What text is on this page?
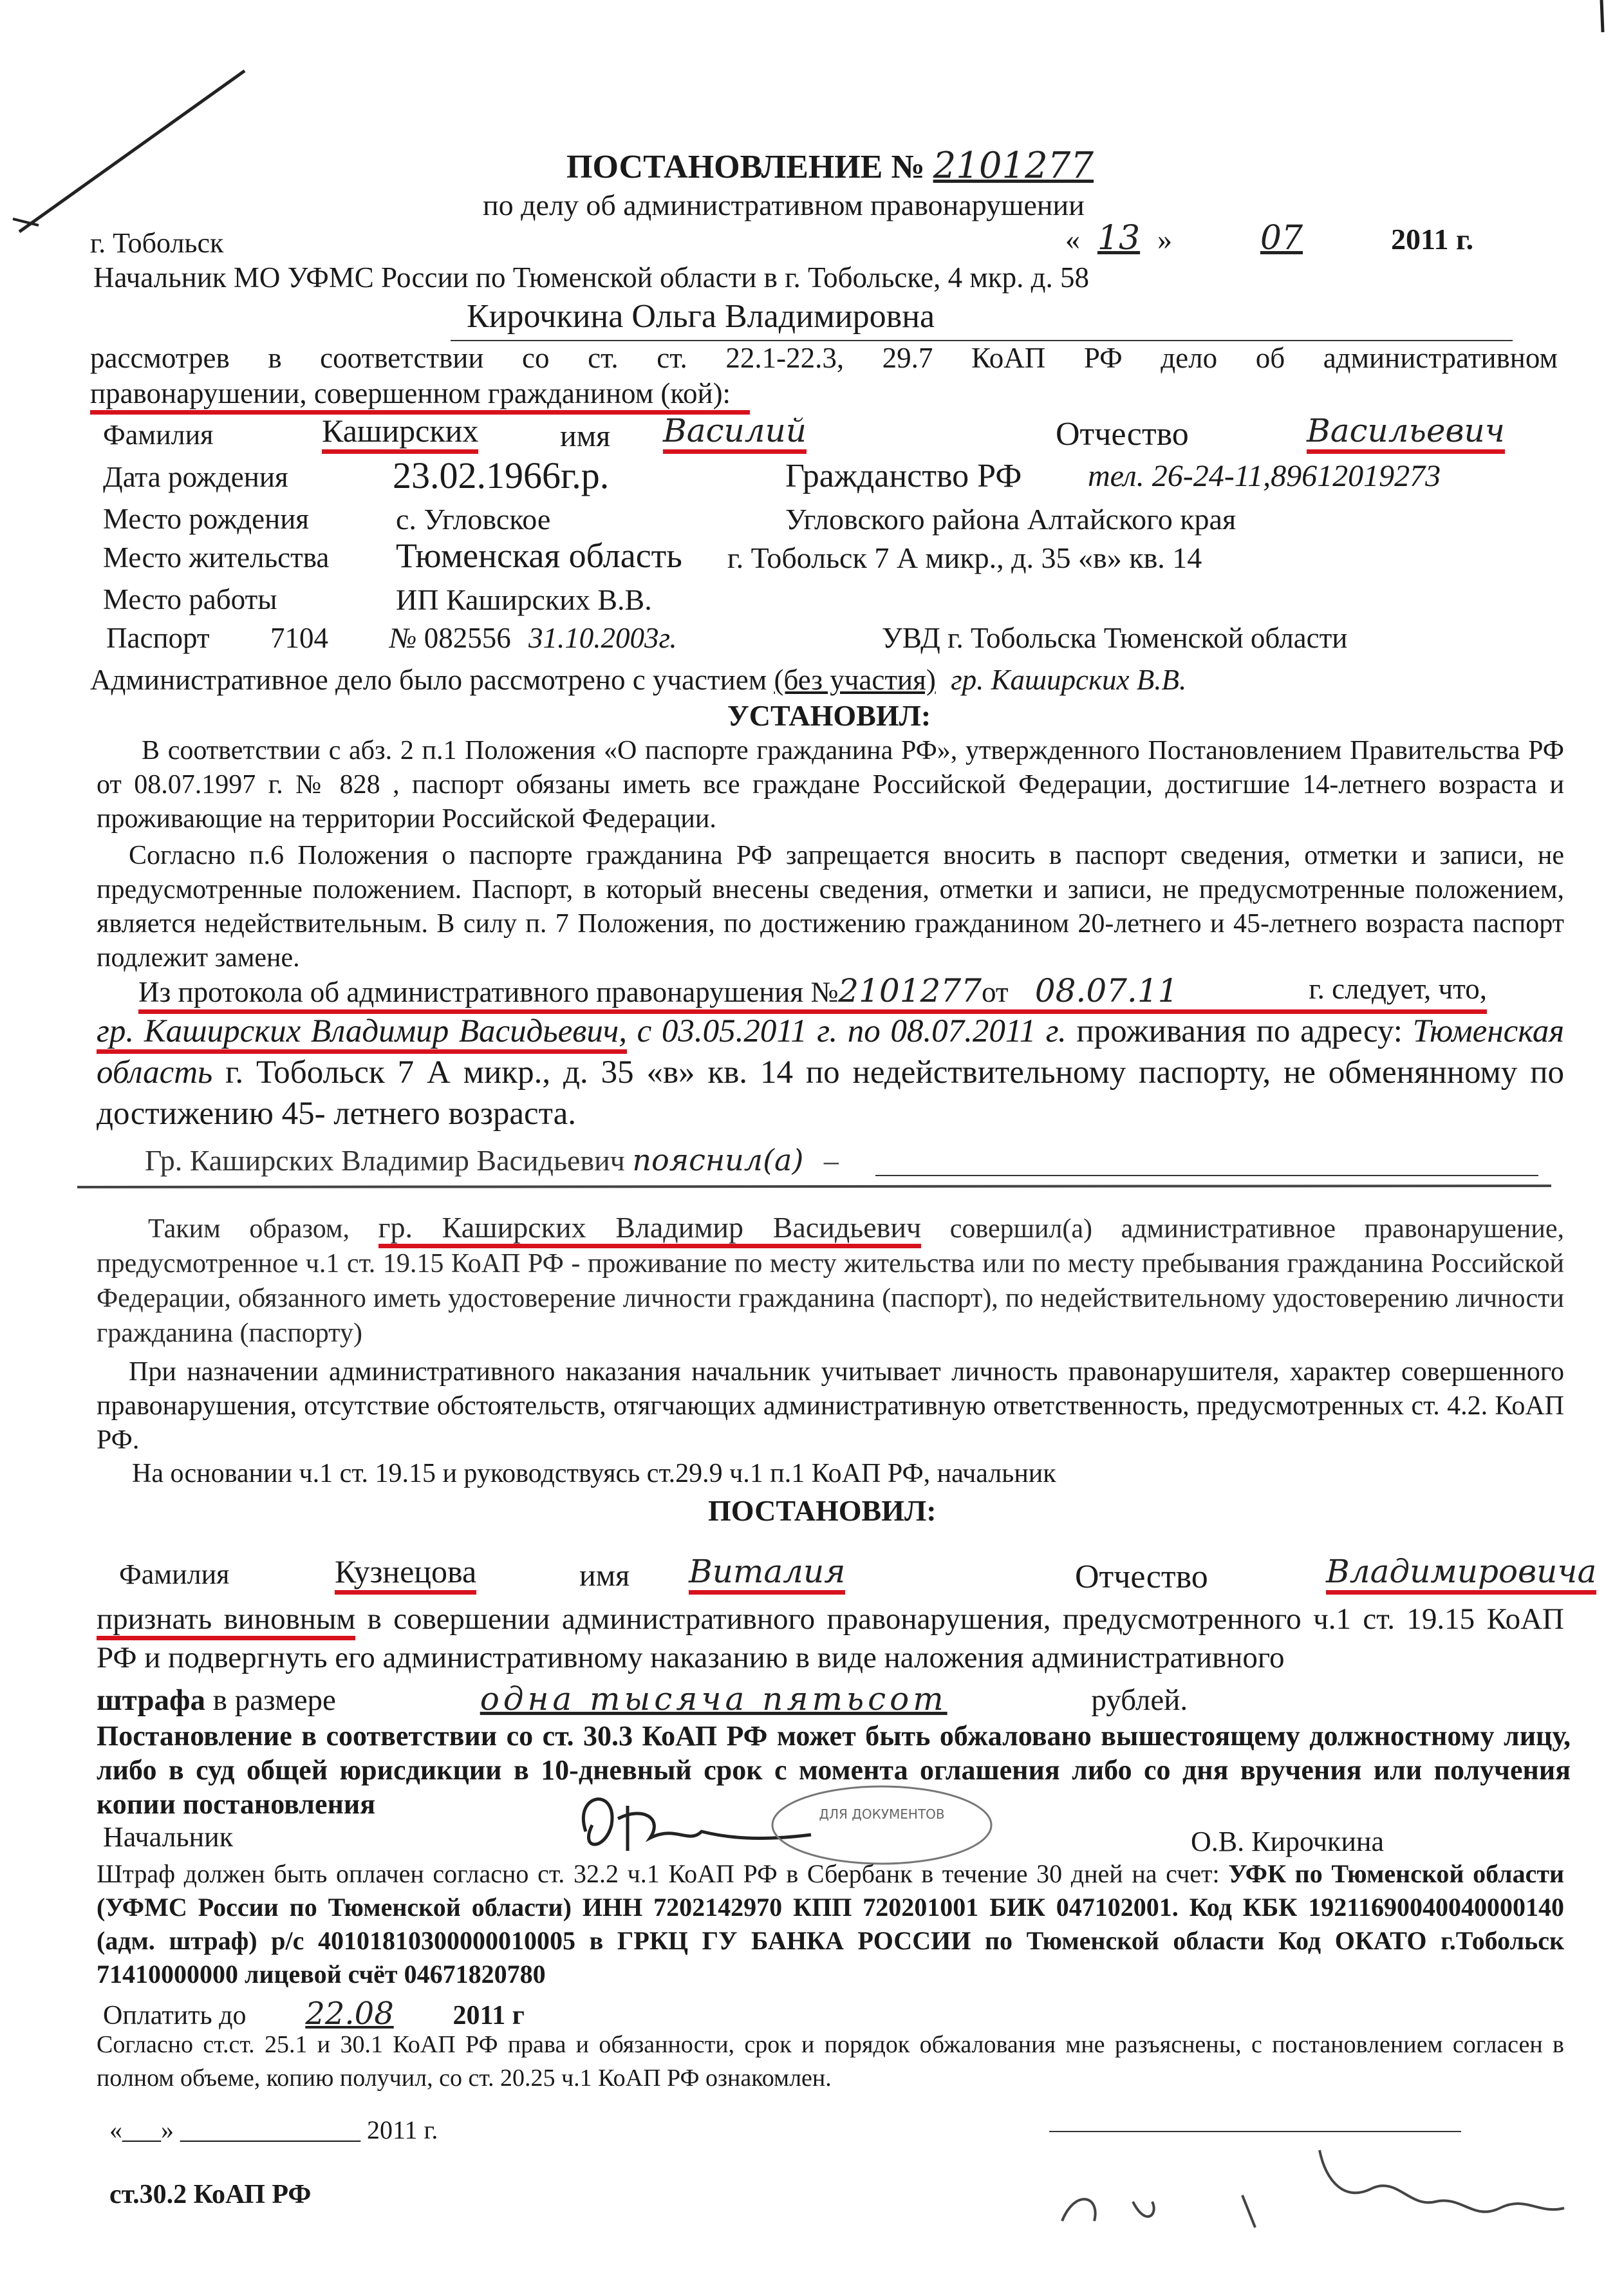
ПОСТАНОВЛЕНИЕ № 2101277
по делу об административном правонарушении
г. Тобольск	« 13 »	07	2011 г.
Начальник МО УФМС России по Тюменской области в г. Тобольске, 4 мкр. д. 58
Кирочкина Ольга Владимировна
рассмотрев в соответствии со ст. ст. 22.1-22.3, 29.7 КоАП РФ дело об административном
правонарушении, совершенном гражданином (кой):
Фамилия	Каширских	имя Василий	Отчество	Васильевич
Дата рождения	23.02.1966г.р.	Гражданство РФ тел. 26-24-11,89612019273
Место рождения	с. Угловское	Угловского района Алтайского края
Место жительства Тюменская область г. Тобольск 7 А микр., д. 35 «в» кв. 14
Место работы	ИП Каширских В.В.
Паспорт 7104 № 082556 31.10.2003г.	УВД г. Тобольска Тюменской области
Административное дело было рассмотрено с участием (без участия) гр. Каширских В.В.
УСТАНОВИЛ:
В соответствии с абз. 2 п.1 Положения «О паспорте гражданина РФ», утвержденного Постановлением Правительства РФ от 08.07.1997 г. № 828 , паспорт обязаны иметь все граждане Российской Федерации, достигшие 14-летнего возраста и проживающие на территории Российской Федерации.
Согласно п.6 Положения о паспорте гражданина РФ запрещается вносить в паспорт сведения, отметки и записи, не предусмотренные положением. Паспорт, в который внесены сведения, отметки и записи, не предусмотренные положением, является недействительным. В силу п. 7 Положения, по достижению гражданином 20-летнего и 45-летнего возраста паспорт подлежит замене.
Из протокола об административного правонарушения №2101277от 08.07.11	г. следует, что,
гр. Каширских Владимир Васидьевич, с 03.05.2011 г. по 08.07.2011 г. проживания по адресу: Тюменская область г. Тобольск 7 А микр., д. 35 «в» кв. 14 по недействительному паспорту, не обменянному по достижению 45- летнего возраста.
Гр. Каширских Владимир Васидьевич пояснил(а) –
Таким образом, гр. Каширских Владимир Васидьевич совершил(а) административное правонарушение, предусмотренное ч.1 ст. 19.15 КоАП РФ - проживание по месту жительства или по месту пребывания гражданина Российской Федерации, обязанного иметь удостоверение личности гражданина (паспорт), по недействительному удостоверению личности гражданина (паспорту)
При назначении административного наказания начальник учитывает личность правонарушителя, характер совершенного правонарушения, отсутствие обстоятельств, отягчающих административную ответственность, предусмотренных ст. 4.2. КоАП РФ.
На основании ч.1 ст. 19.15 и руководствуясь ст.29.9 ч.1 п.1 КоАП РФ, начальник
ПОСТАНОВИЛ:
Фамилия	Кузнецова	имя Виталия	Отчество	Владимировича
признать виновным в совершении административного правонарушения, предусмотренного ч.1 ст. 19.15 КоАП РФ и подвергнуть его административному наказанию в виде наложения административного
штрафа в размере	одна тысяча пятьсот	рублей.
Постановление в соответствии со ст. 30.3 КоАП РФ может быть обжаловано вышестоящему должностному лицу, либо в суд общей юрисдикции в 10-дневный срок с момента оглашения либо со дня вручения или получения копии постановления
Начальник
ДЛЯ ДОКУМЕНТОВ
О.В. Кирочкина
Штраф должен быть оплачен согласно ст. 32.2 ч.1 КоАП РФ в Сбербанк в течение 30 дней на счет: УФК по Тюменской области (УФМС России по Тюменской области) ИНН 7202142970 КПП 720201001 БИК 047102001. Код КБК 19211690040040000140 (адм. штраф) р/с 40101810300000010005 в ГРКЦ ГУ БАНКА РОССИИ по Тюменской области Код ОКАТО г.Тобольск 71410000000 лицевой счёт 04671820780
Оплатить до 22.08 2011 г
Согласно ст.ст. 25.1 и 30.1 КоАП РФ права и обязанности, срок и порядок обжалования мне разъяснены, с постановлением согласен в полном объеме, копию получил, со ст. 20.25 ч.1 КоАП РФ ознакомлен.
«___» ______________ 2011 г.
ст.30.2 КоАП РФ
